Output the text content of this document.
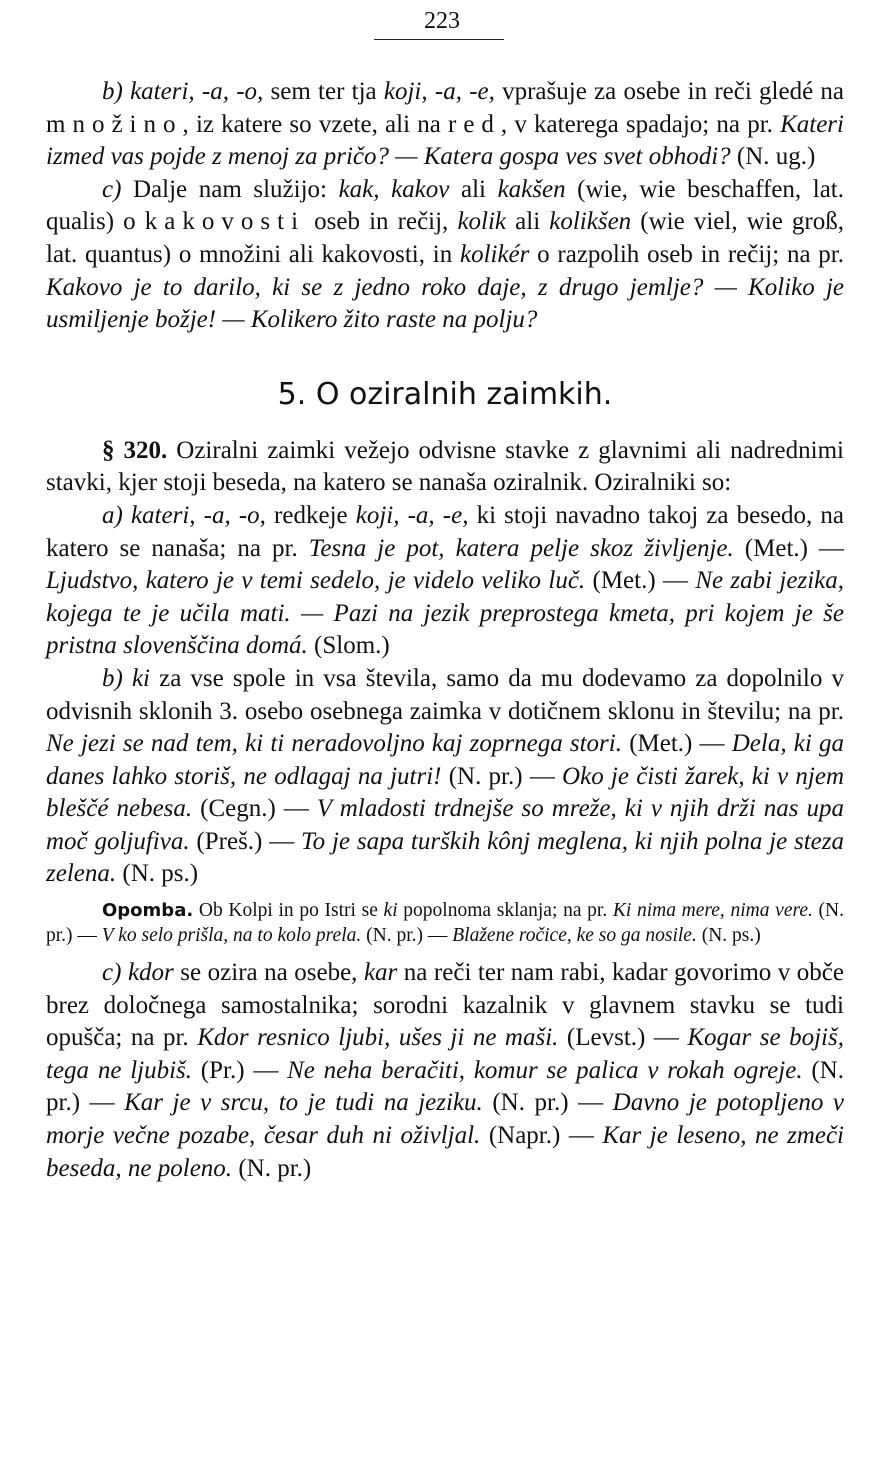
223

b) kateri, -a, -o, sem ter tja koji, -a, -e, vprašuje za osebe in reči gledé na množino, iz katere so vzete, ali na red, v katerega spadajo; na pr. Kateri izmed vas pojde z menoj za pričo? — Katera gospa ves svet obhodi? (N. ug.)

c) Dalje nam služijo: kak, kakov ali kakšen (wie, wie beschaffen, lat. qualis) o kakovosti oseb in rečij, kolik ali kolikšen (wie viel, wie groß, lat. quantus) o množini ali kakovosti, in kolikér o razpolih oseb in rečij; na pr. Kakovo je to darilo, ki se z jedno roko daje, z drugo jemlje? — Koliko je usmiljenje božje! — Kolikero žito raste na polju?

5. O oziralnih zaimkih.

§ 320. Oziralni zaimki vežejo odvisne stavke z glavnimi ali nadrednimi stavki, kjer stoji beseda, na katero se nanaša oziralnik. Oziralniki so:

a) kateri, -a, -o, redkeje koji, -a, -e, ki stoji navadno takoj za besedo, na katero se nanaša; na pr. Tesna je pot, katera pelje skoz življenje. (Met.) — Ljudstvo, katero je v temi sedelo, je videlo veliko luč. (Met.) — Ne zabi jezika, kojega te je učila mati. — Pazi na jezik preprostega kmeta, pri kojem je še pristna slovenščina domá. (Slom.)

b) ki za vse spole in vsa števila, samo da mu dodevamo za dopolnilo v odvisnih sklonih 3. osebo osebnega zaimka v dotičnem sklonu in številu; na pr. Ne jezi se nad tem, ki ti neradovoljno kaj zoprnega stori. (Met.) — Dela, ki ga danes lahko storiš, ne odlagaj na jutri! (N. pr.) — Oko je čisti žarek, ki v njem bleščé nebesa. (Cegn.) — V mladosti trdnejše so mreže, ki v njih drži nas upa moč goljufiva. (Preš.) — To je sapa turških kônj meglena, ki njih polna je steza zelena. (N. ps.)

Opomba. Ob Kolpi in po Istri se ki popolnoma sklanja; na pr. Ki nima mere, nima vere. (N. pr.) — V ko selo prišla, na to kolo prela. (N. pr.) — Blažene ročice, ke so ga nosile. (N. ps.)

c) kdor se ozira na osebe, kar na reči ter nam rabi, kadar govorimo v obče brez določnega samostalnika; sorodni kazalnik v glavnem stavku se tudi opušča; na pr. Kdor resnico ljubi, ušes ji ne maši. (Levst.) — Kogar se bojiš, tega ne ljubiš. (Pr.) — Ne neha beračiti, komur se palica v rokah ogreje. (N. pr.) — Kar je v srcu, to je tudi na jeziku. (N. pr.) — Davno je potopljeno v morje večne pozabe, česar duh ni oživljal. (Napr.) — Kar je leseno, ne zmeči beseda, ne poleno. (N. pr.)
